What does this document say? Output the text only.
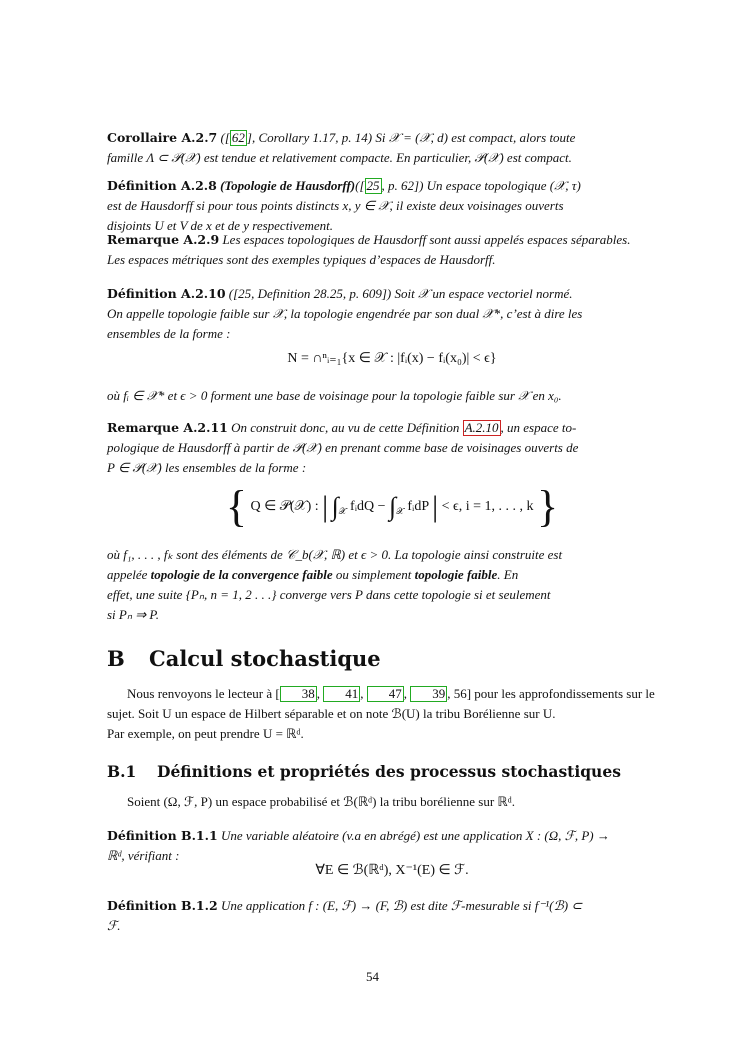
Corollaire A.2.7 ([ 62 ], Corollary 1.17, p. 14) Si 𝒳 = (𝒳, d) est compact, alors toute
famille Λ ⊂ 𝒫(𝒳) est tendue et relativement compacte. En particulier, 𝒫(𝒳) est compact.
Définition A.2.8 (Topologie de Hausdorff)([ 25 , p. 62]) Un espace topologique (𝒳, τ)
est de Hausdorff si pour tous points distincts x, y ∈ 𝒳, il existe deux voisinages ouverts
disjoints U et V de x et de y respectivement.
Remarque A.2.9 Les espaces topologiques de Hausdorff sont aussi appelés espaces séparables.
Les espaces métriques sont des exemples typiques d’espaces de Hausdorff.
Définition A.2.10 ([25, Definition 28.25, p. 609]) Soit 𝒳 un espace vectoriel normé.
On appelle topologie faible sur 𝒳, la topologie engendrée par son dual 𝒳*, c’est à dire les
ensembles de la forme :
N = ∩ⁿᵢ₌₁{x ∈ 𝒳 : |fᵢ(x) − fᵢ(x₀)| < ϵ}
où fᵢ ∈ 𝒳* et ϵ > 0 forment une base de voisinage pour la topologie faible sur 𝒳 en x₀.
Remarque A.2.11 On construit donc, au vu de cette Définition A.2.10 , un espace to-
pologique de Hausdorff à partir de 𝒫(𝒳) en prenant comme base de voisinages ouverts de
P ∈ 𝒫(𝒳) les ensembles de la forme :
{ Q ∈ 𝒫(𝒳) : | $\int_𝒳$ fᵢdQ − $\int_𝒳$ fᵢdP | < ϵ, i = 1, . . . , k }
où f₁, . . . , fₖ sont des éléments de 𝒞_b(𝒳, ℝ) et ϵ > 0. La topologie ainsi construite est
appelée topologie de la convergence faible ou simplement topologie faible. En
effet, une suite {Pₙ, n = 1, 2 . . .} converge vers P dans cette topologie si et seulement
si Pₙ ⇒ P.
B Calcul stochastique
Nous renvoyons le lecteur à [ 38 , 41 , 47 , 39 , 56] pour les approfondissements sur le
sujet. Soit U un espace de Hilbert séparable et on note ℬ(U) la tribu Borélienne sur U.
Par exemple, on peut prendre U = ℝᵈ.
B.1 Définitions et propriétés des processus stochastiques
Soient (Ω, ℱ, P) un espace probabilisé et ℬ(ℝᵈ) la tribu borélienne sur ℝᵈ.
Définition B.1.1 Une variable aléatoire (v.a en abrégé) est une application X : (Ω, ℱ, P) →
ℝᵈ, vérifiant :
∀E ∈ ℬ(ℝᵈ), X⁻¹(E) ∈ ℱ.
Définition B.1.2 Une application f : (E, ℱ) → (F, ℬ) est dite ℱ-mesurable si f⁻¹(ℬ) ⊂
ℱ.
54
